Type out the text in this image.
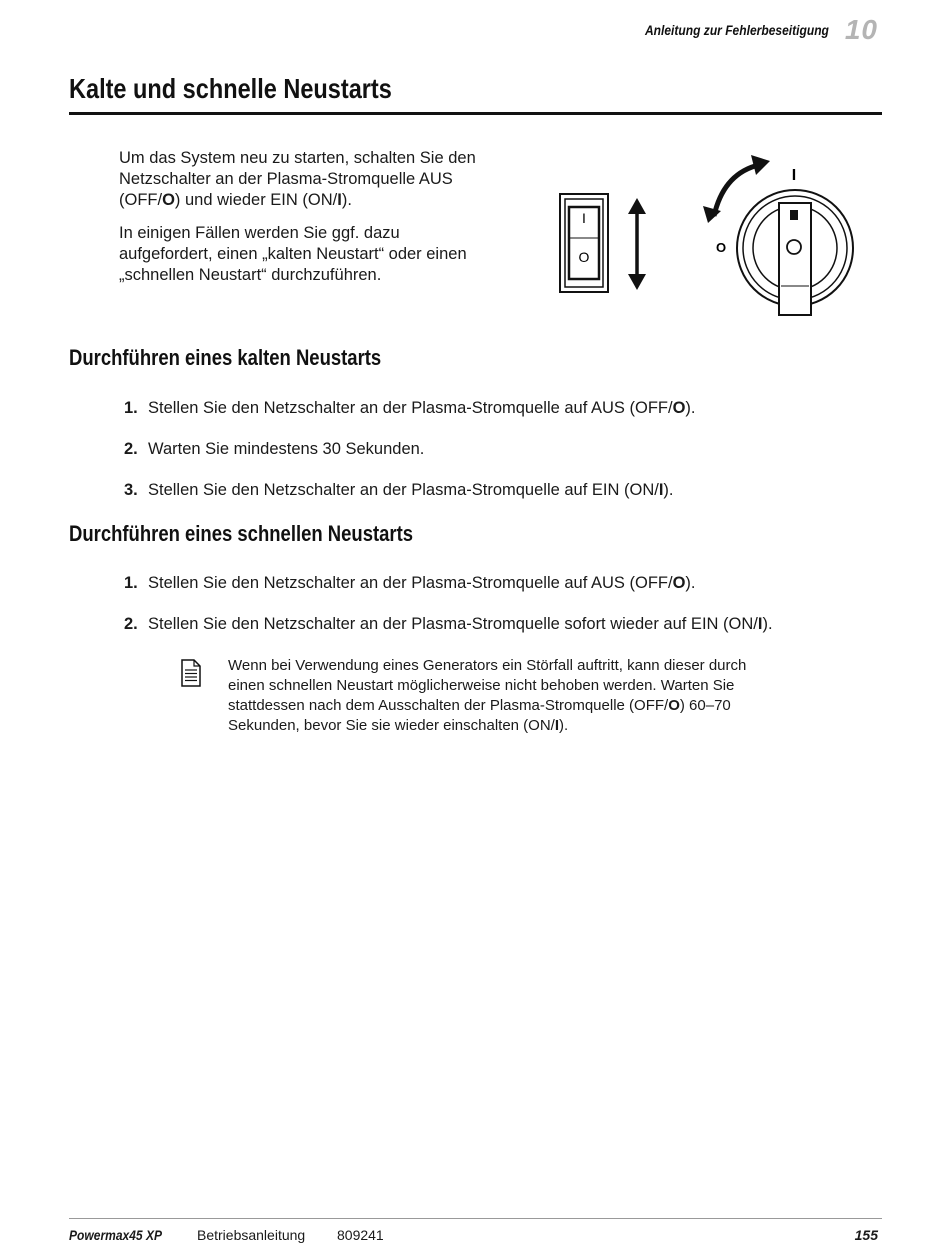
Anleitung zur Fehlerbeseitigung 10
Kalte und schnelle Neustarts

Um das System neu zu starten, schalten Sie den Netzschalter an der Plasma-Stromquelle AUS (OFF/O) und wieder EIN (ON/I).

In einigen Fällen werden Sie ggf. dazu aufgefordert, einen „kalten Neustart“ oder einen „schnellen Neustart“ durchzuführen.

I
O
I
O
Durchführen eines kalten Neustarts
1. Stellen Sie den Netzschalter an der Plasma-Stromquelle auf AUS (OFF/O).
2. Warten Sie mindestens 30 Sekunden.
3. Stellen Sie den Netzschalter an der Plasma-Stromquelle auf EIN (ON/I).
Durchführen eines schnellen Neustarts
1. Stellen Sie den Netzschalter an der Plasma-Stromquelle auf AUS (OFF/O).
2. Stellen Sie den Netzschalter an der Plasma-Stromquelle sofort wieder auf EIN (ON/I).
Wenn bei Verwendung eines Generators ein Störfall auftritt, kann dieser durch einen schnellen Neustart möglicherweise nicht behoben werden. Warten Sie stattdessen nach dem Ausschalten der Plasma-Stromquelle (OFF/O) 60–70 Sekunden, bevor Sie sie wieder einschalten (ON/I).
Powermax45 XP Betriebsanleitung 809241	155
